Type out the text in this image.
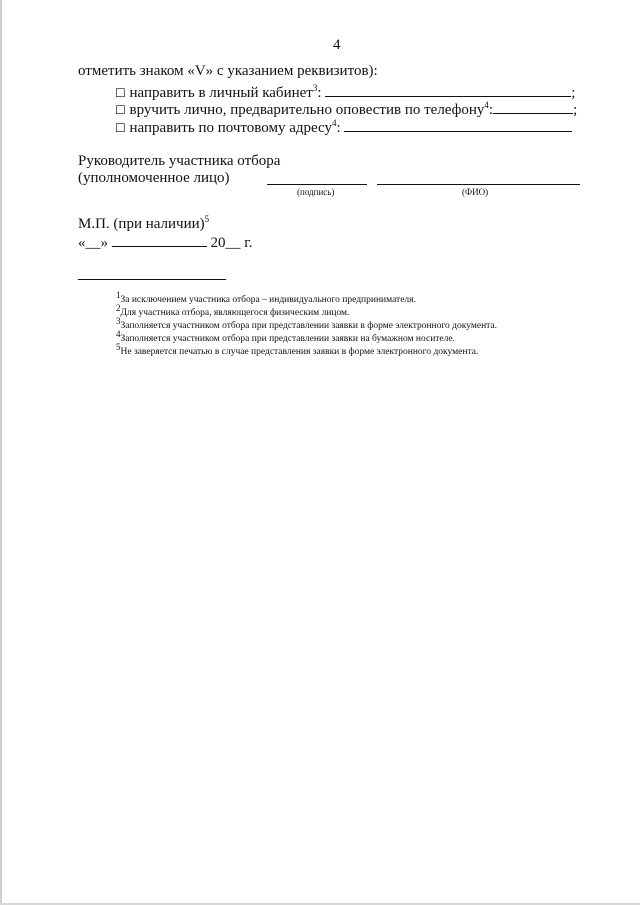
4
отметить знаком «V» с указанием реквизитов):
☐ направить в личный кабинет$^3$:	;
☐ вручить лично, предварительно оповестив по телефону$^4$:	;
☐ направить по почтовому адресу$^4$:
Руководитель участника отбора
(уполномоченное лицо)
(подпись)	(ФИО)
М.П. (при наличии)$^5$
«__»	20__ г.
$^1$За исключением участника отбора – индивидуального предпринимателя.
$^2$Для участника отбора, являющегося физическим лицом.
$^3$Заполняется участником отбора при представлении заявки в форме электронного документа.
$^4$Заполняется участником отбора при представлении заявки на бумажном носителе.
$^5$Не заверяется печатью в случае представления заявки в форме электронного документа.
